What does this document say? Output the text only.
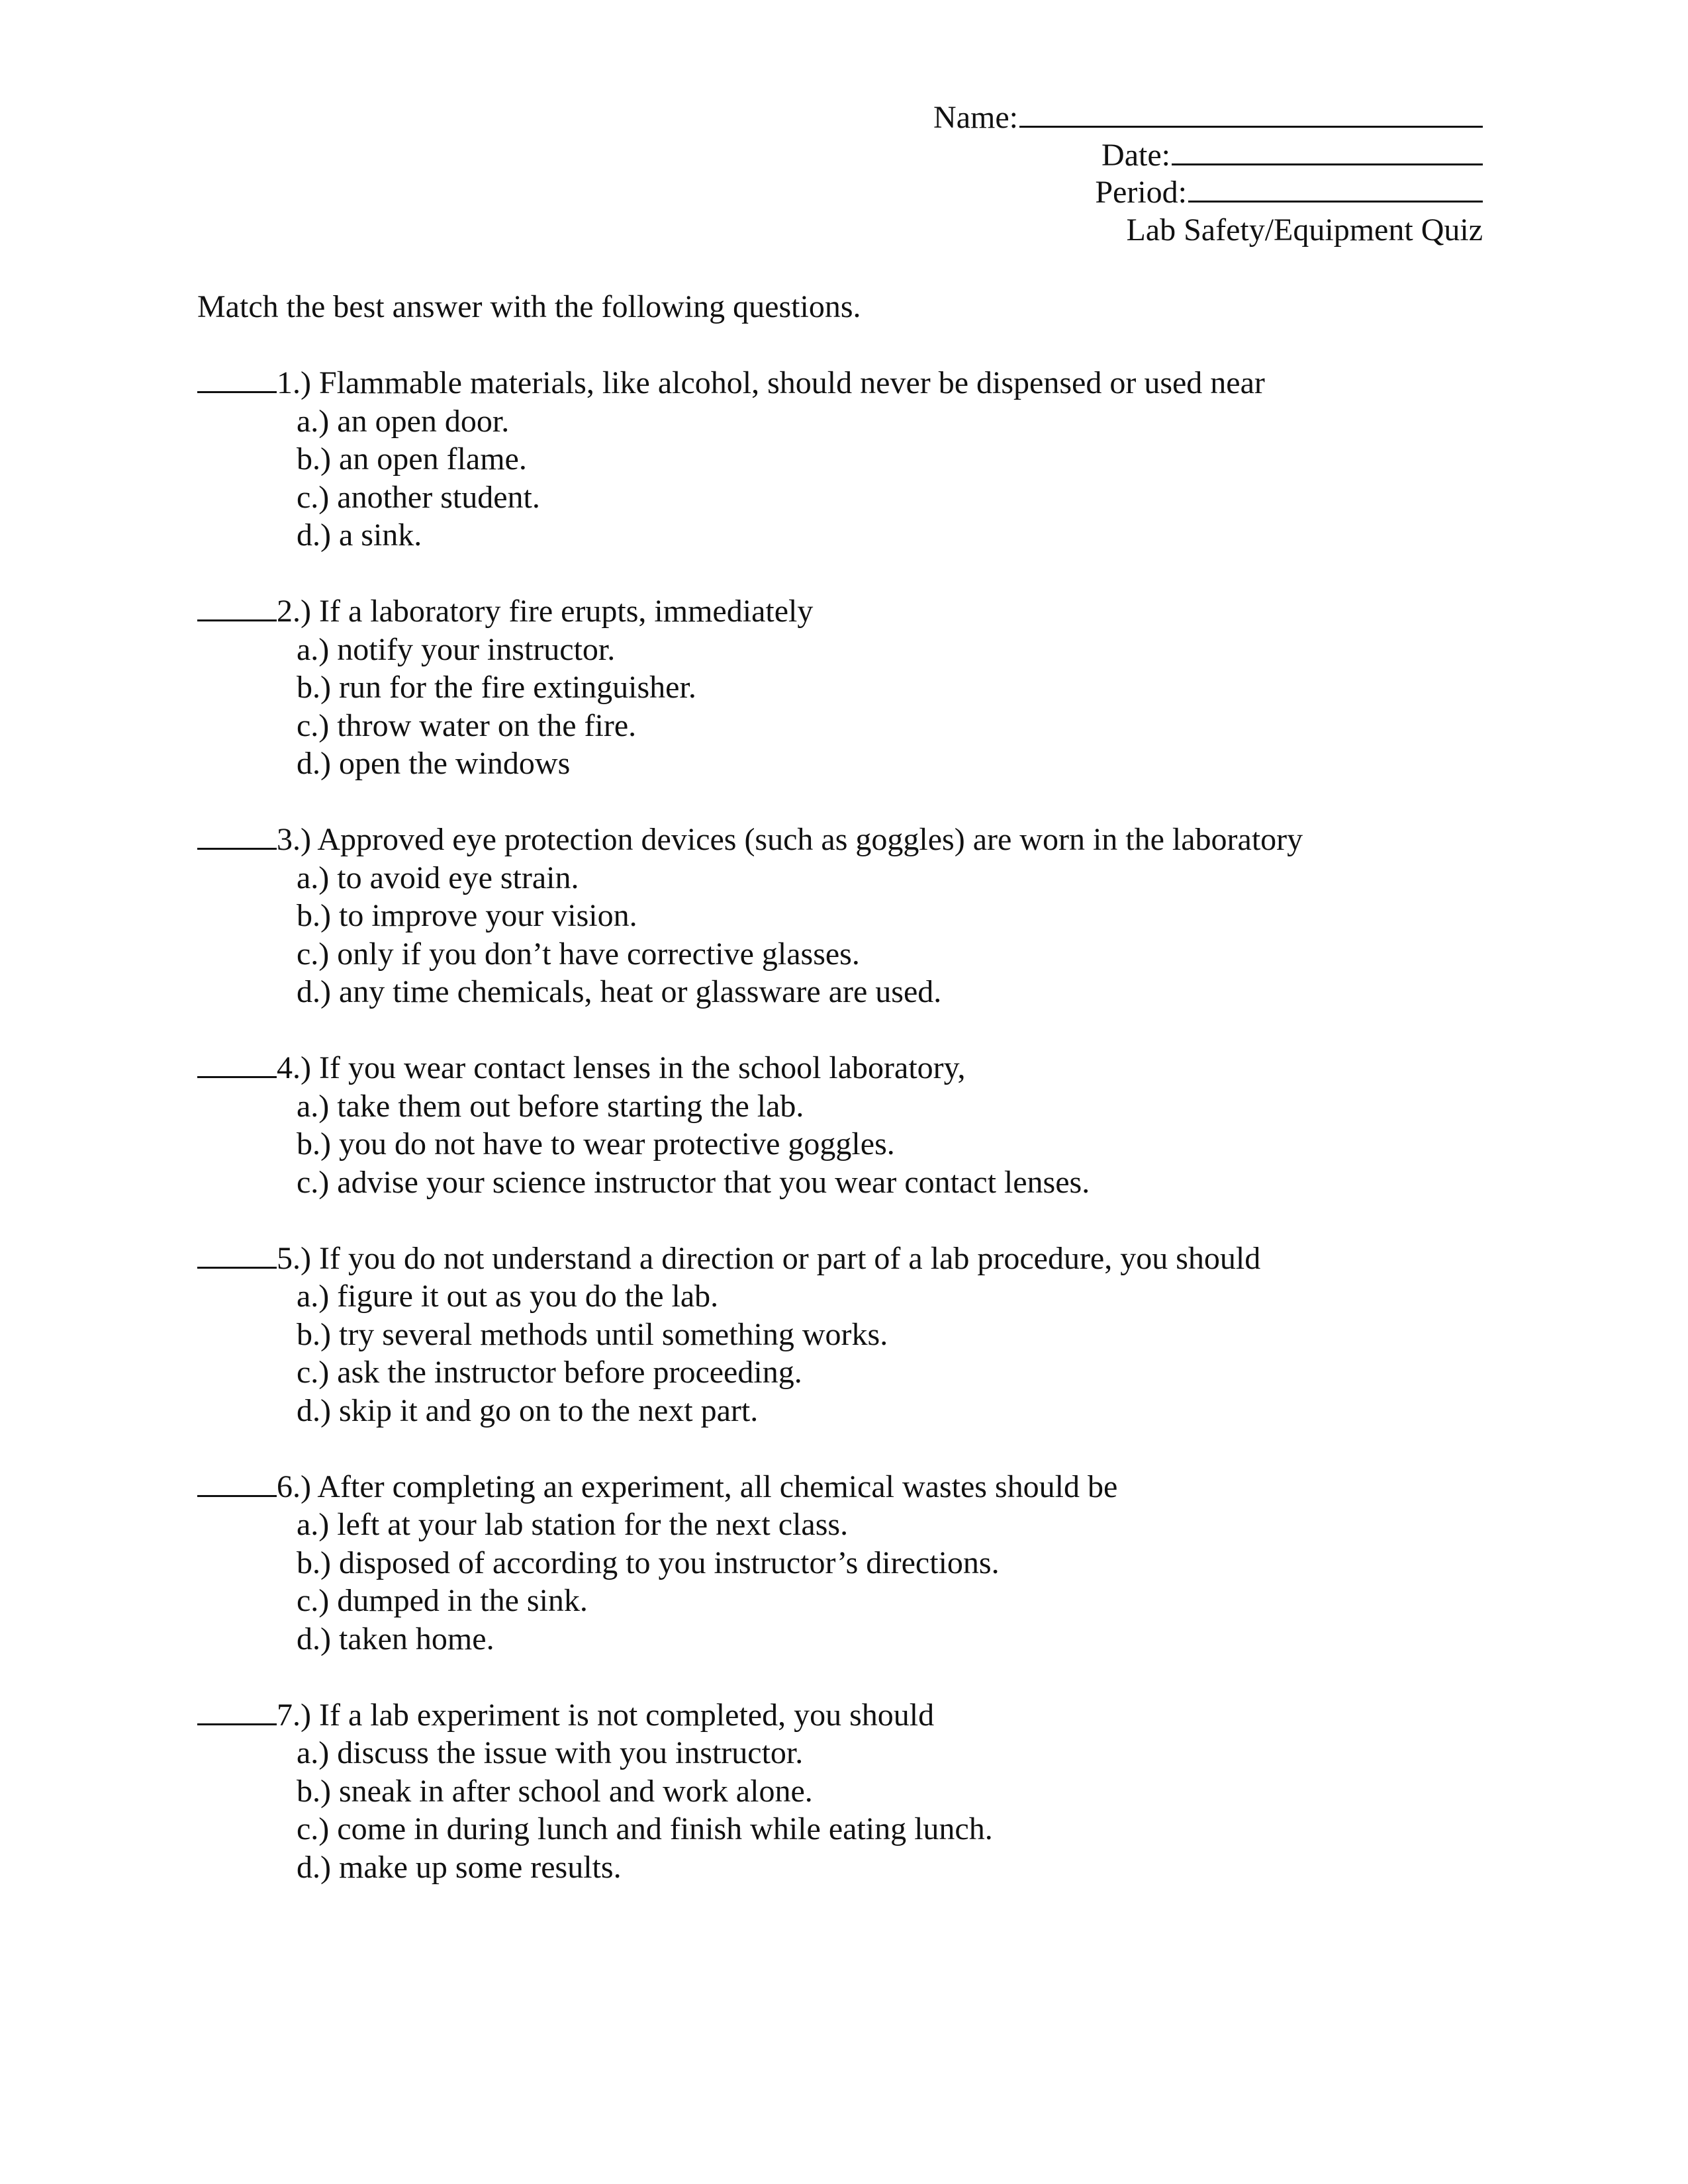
Name:
Date:
Period:
Lab Safety/Equipment Quiz
Match the best answer with the following questions.
1.) Flammable materials, like alcohol, should never be dispensed or used near
a.) an open door.
b.) an open flame.
c.) another student.
d.) a sink.
2.) If a laboratory fire erupts, immediately
a.) notify your instructor.
b.) run for the fire extinguisher.
c.) throw water on the fire.
d.) open the windows
3.) Approved eye protection devices (such as goggles) are worn in the laboratory
a.) to avoid eye strain.
b.) to improve your vision.
c.) only if you don’t have corrective glasses.
d.) any time chemicals, heat or glassware are used.
4.) If you wear contact lenses in the school laboratory,
a.) take them out before starting the lab.
b.) you do not have to wear protective goggles.
c.) advise your science instructor that you wear contact lenses.
5.) If you do not understand a direction or part of a lab procedure, you should
a.) figure it out as you do the lab.
b.) try several methods until something works.
c.) ask the instructor before proceeding.
d.) skip it and go on to the next part.
6.) After completing an experiment, all chemical wastes should be
a.) left at your lab station for the next class.
b.) disposed of according to you instructor’s directions.
c.) dumped in the sink.
d.) taken home.
7.) If a lab experiment is not completed, you should
a.) discuss the issue with you instructor.
b.) sneak in after school and work alone.
c.) come in during lunch and finish while eating lunch.
d.) make up some results.
